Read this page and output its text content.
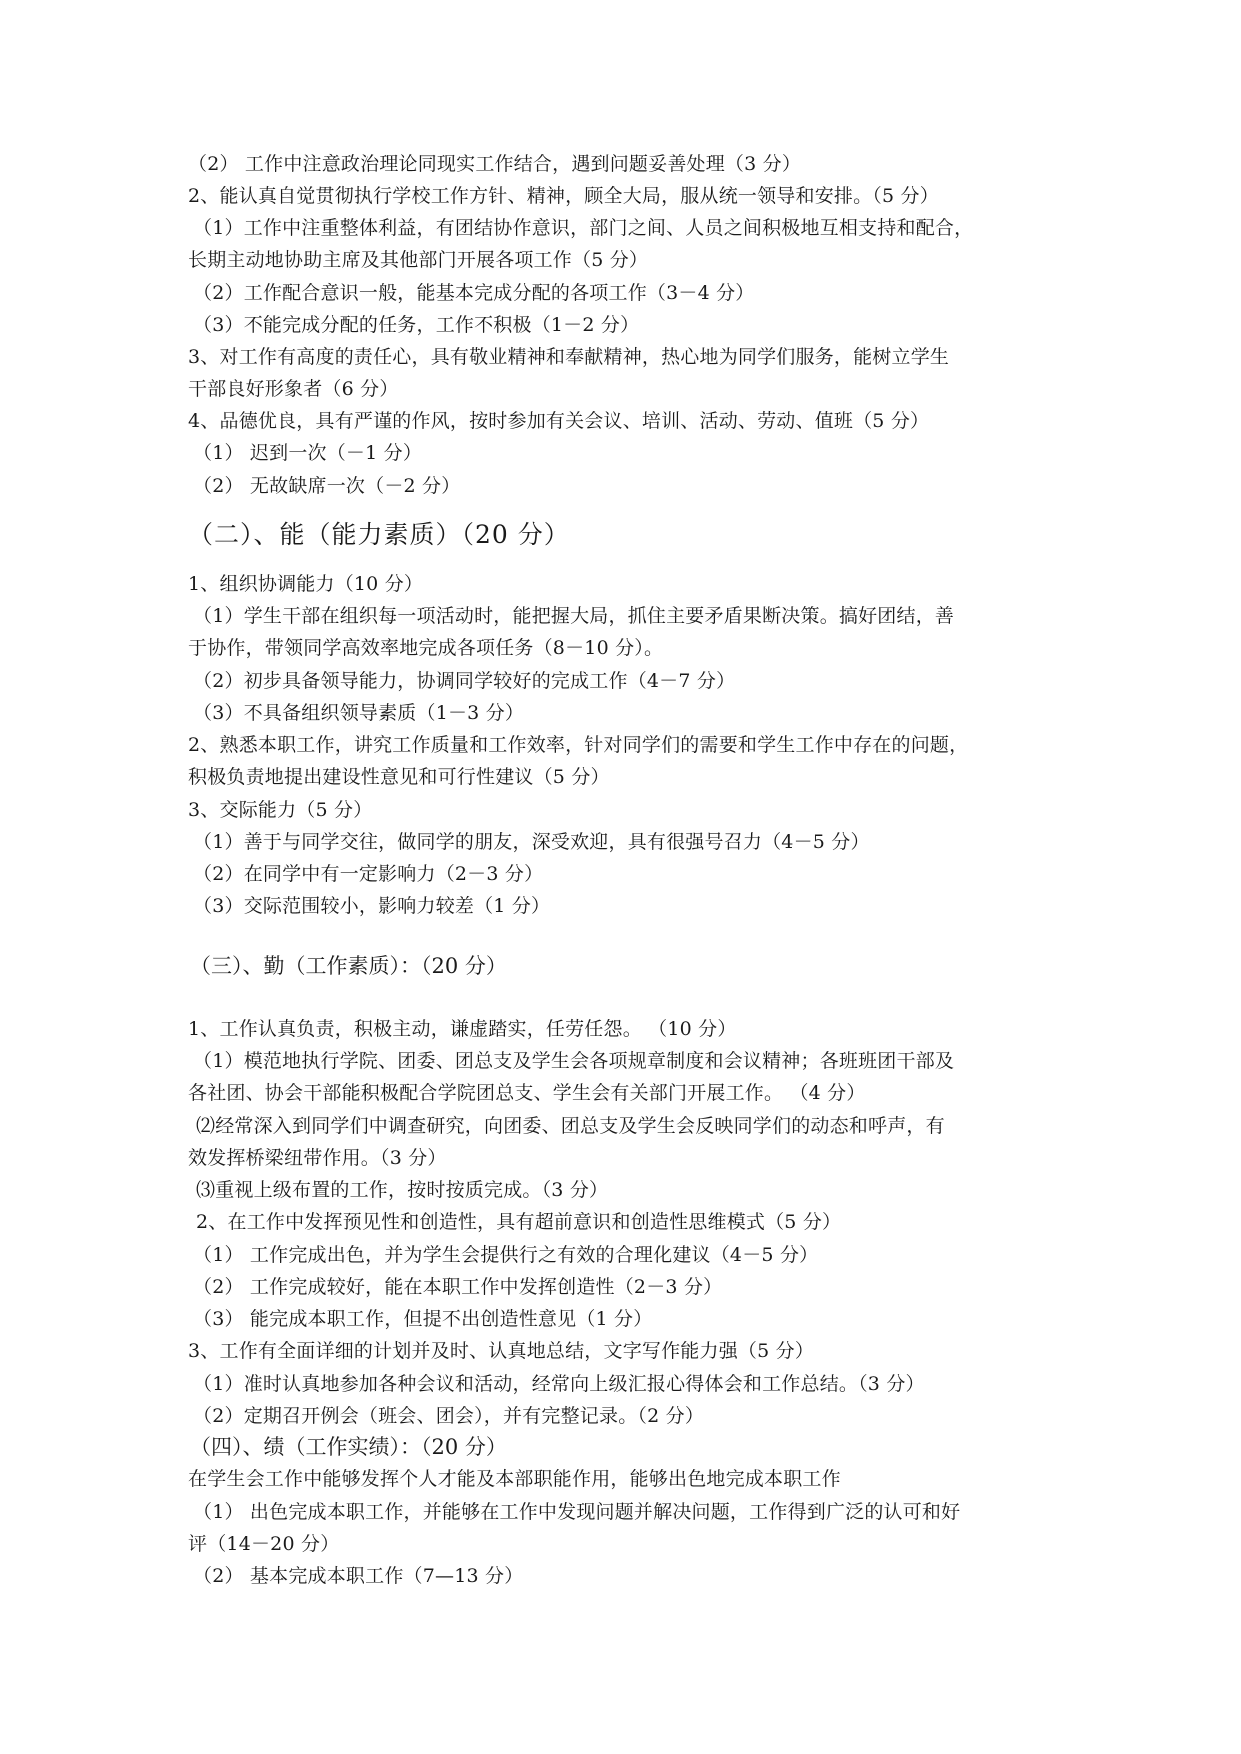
（2） 工作中注意政治理论同现实工作结合，遇到问题妥善处理（3 分）
2、能认真自觉贯彻执行学校工作方针、精神，顾全大局，服从统一领导和安排。（5 分）
（1）工作中注重整体利益，有团结协作意识，部门之间、人员之间积极地互相支持和配合，
长期主动地协助主席及其他部门开展各项工作（5 分）
（2）工作配合意识一般，能基本完成分配的各项工作（3－4 分）
（3）不能完成分配的任务，工作不积极（1－2 分）
3、对工作有高度的责任心，具有敬业精神和奉献精神，热心地为同学们服务，能树立学生
干部良好形象者（6 分）
4、品德优良，具有严谨的作风，按时参加有关会议、培训、活动、劳动、值班（5 分）
（1） 迟到一次（－1 分）
（2） 无故缺席一次（－2 分）
（二）、能（能力素质）（20 分）
1、组织协调能力（10 分）
（1）学生干部在组织每一项活动时，能把握大局，抓住主要矛盾果断决策。搞好团结，善
于协作，带领同学高效率地完成各项任务（8－10 分）。
（2）初步具备领导能力，协调同学较好的完成工作（4－7 分）
（3）不具备组织领导素质（1－3 分）
2、熟悉本职工作，讲究工作质量和工作效率，针对同学们的需要和学生工作中存在的问题，
积极负责地提出建设性意见和可行性建议（5 分）
3、交际能力（5 分）
（1）善于与同学交往，做同学的朋友，深受欢迎，具有很强号召力（4－5 分）
（2）在同学中有一定影响力（2－3 分）
（3）交际范围较小，影响力较差（1 分）
（三）、勤（工作素质）：（20 分）
1、工作认真负责，积极主动，谦虚踏实，任劳任怨。 （10 分）
（1）模范地执行学院、团委、团总支及学生会各项规章制度和会议精神；各班班团干部及
各社团、协会干部能积极配合学院团总支、学生会有关部门开展工作。 （4 分）
⑵经常深入到同学们中调查研究，向团委、团总支及学生会反映同学们的动态和呼声，有
效发挥桥梁纽带作用。（3 分）
⑶重视上级布置的工作，按时按质完成。（3 分）
2、在工作中发挥预见性和创造性，具有超前意识和创造性思维模式（5 分）
（1） 工作完成出色，并为学生会提供行之有效的合理化建议（4－5 分）
（2） 工作完成较好，能在本职工作中发挥创造性（2－3 分）
（3） 能完成本职工作，但提不出创造性意见（1 分）
3、工作有全面详细的计划并及时、认真地总结，文字写作能力强（5 分）
（1）准时认真地参加各种会议和活动，经常向上级汇报心得体会和工作总结。（3 分）
（2）定期召开例会（班会、团会），并有完整记录。（2 分）
（四）、绩（工作实绩）：（20 分）
在学生会工作中能够发挥个人才能及本部职能作用，能够出色地完成本职工作
（1） 出色完成本职工作，并能够在工作中发现问题并解决问题，工作得到广泛的认可和好
评（14－20 分）
（2） 基本完成本职工作（7—13 分）
